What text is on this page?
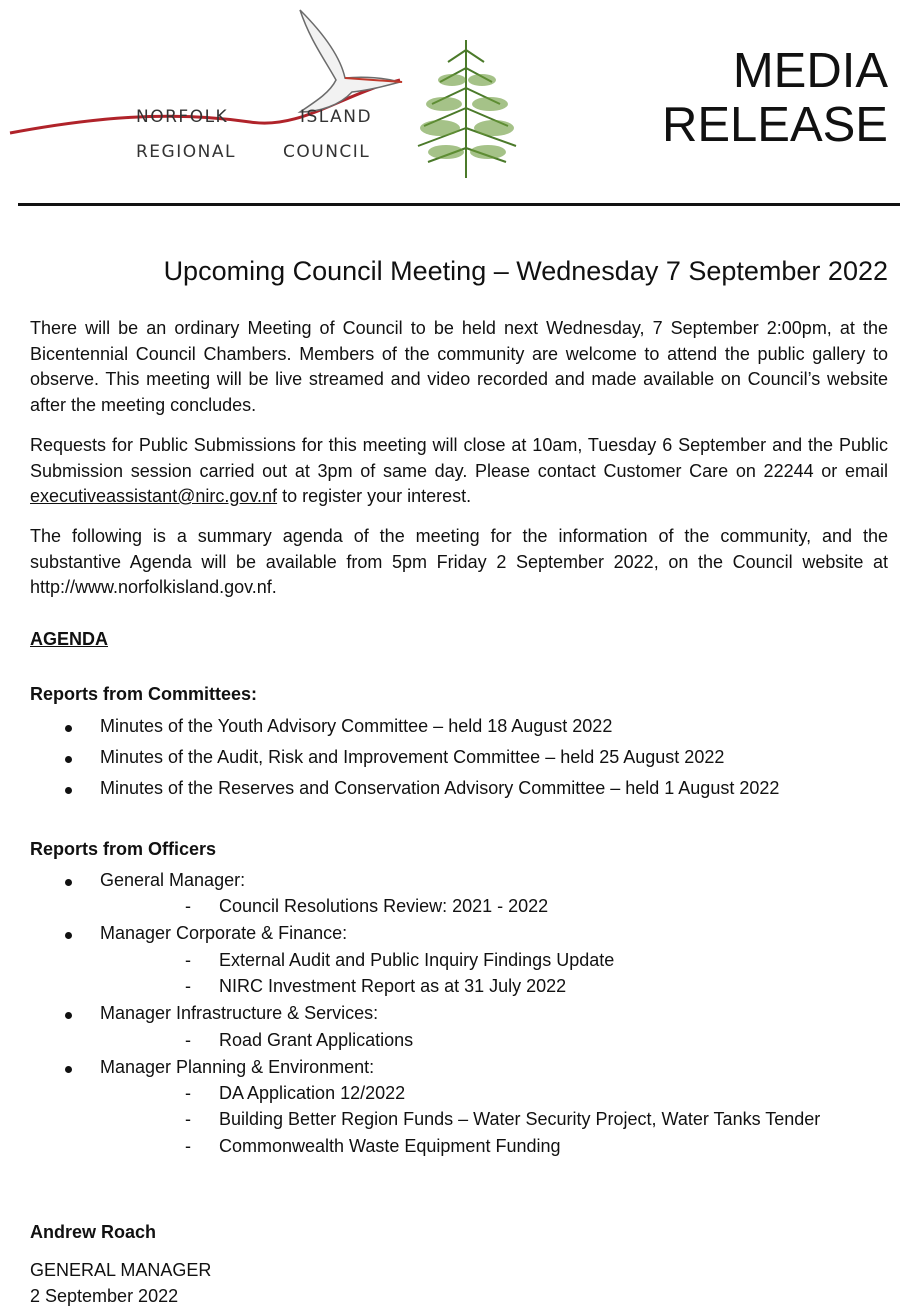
NORFOLK	ISLAND
REGIONAL	COUNCIL
MEDIA
RELEASE
Upcoming Council Meeting – Wednesday 7 September 2022

There will be an ordinary Meeting of Council to be held next Wednesday, 7 September 2:00pm, at the Bicentennial Council Chambers. Members of the community are welcome to attend the public gallery to observe. This meeting will be live streamed and video recorded and made available on Council’s website after the meeting concludes.

Requests for Public Submissions for this meeting will close at 10am, Tuesday 6 September and the Public Submission session carried out at 3pm of same day. Please contact Customer Care on 22244 or email executiveassistant@nirc.gov.nf to register your interest.

The following is a summary agenda of the meeting for the information of the community, and the substantive Agenda will be available from 5pm Friday 2 September 2022, on the Council website at http://www.norfolkisland.gov.nf.

AGENDA
Reports from Committees:
Minutes of the Youth Advisory Committee – held 18 August 2022
Minutes of the Audit, Risk and Improvement Committee – held 25 August 2022
Minutes of the Reserves and Conservation Advisory Committee – held 1 August 2022
Reports from Officers
General Manager:
- Council Resolutions Review: 2021 - 2022
Manager Corporate & Finance:
- External Audit and Public Inquiry Findings Update
- NIRC Investment Report as at 31 July 2022
Manager Infrastructure & Services:
- Road Grant Applications
Manager Planning & Environment:
- DA Application 12/2022
- Building Better Region Funds – Water Security Project, Water Tanks Tender
- Commonwealth Waste Equipment Funding
Andrew Roach
GENERAL MANAGER
2 September 2022
